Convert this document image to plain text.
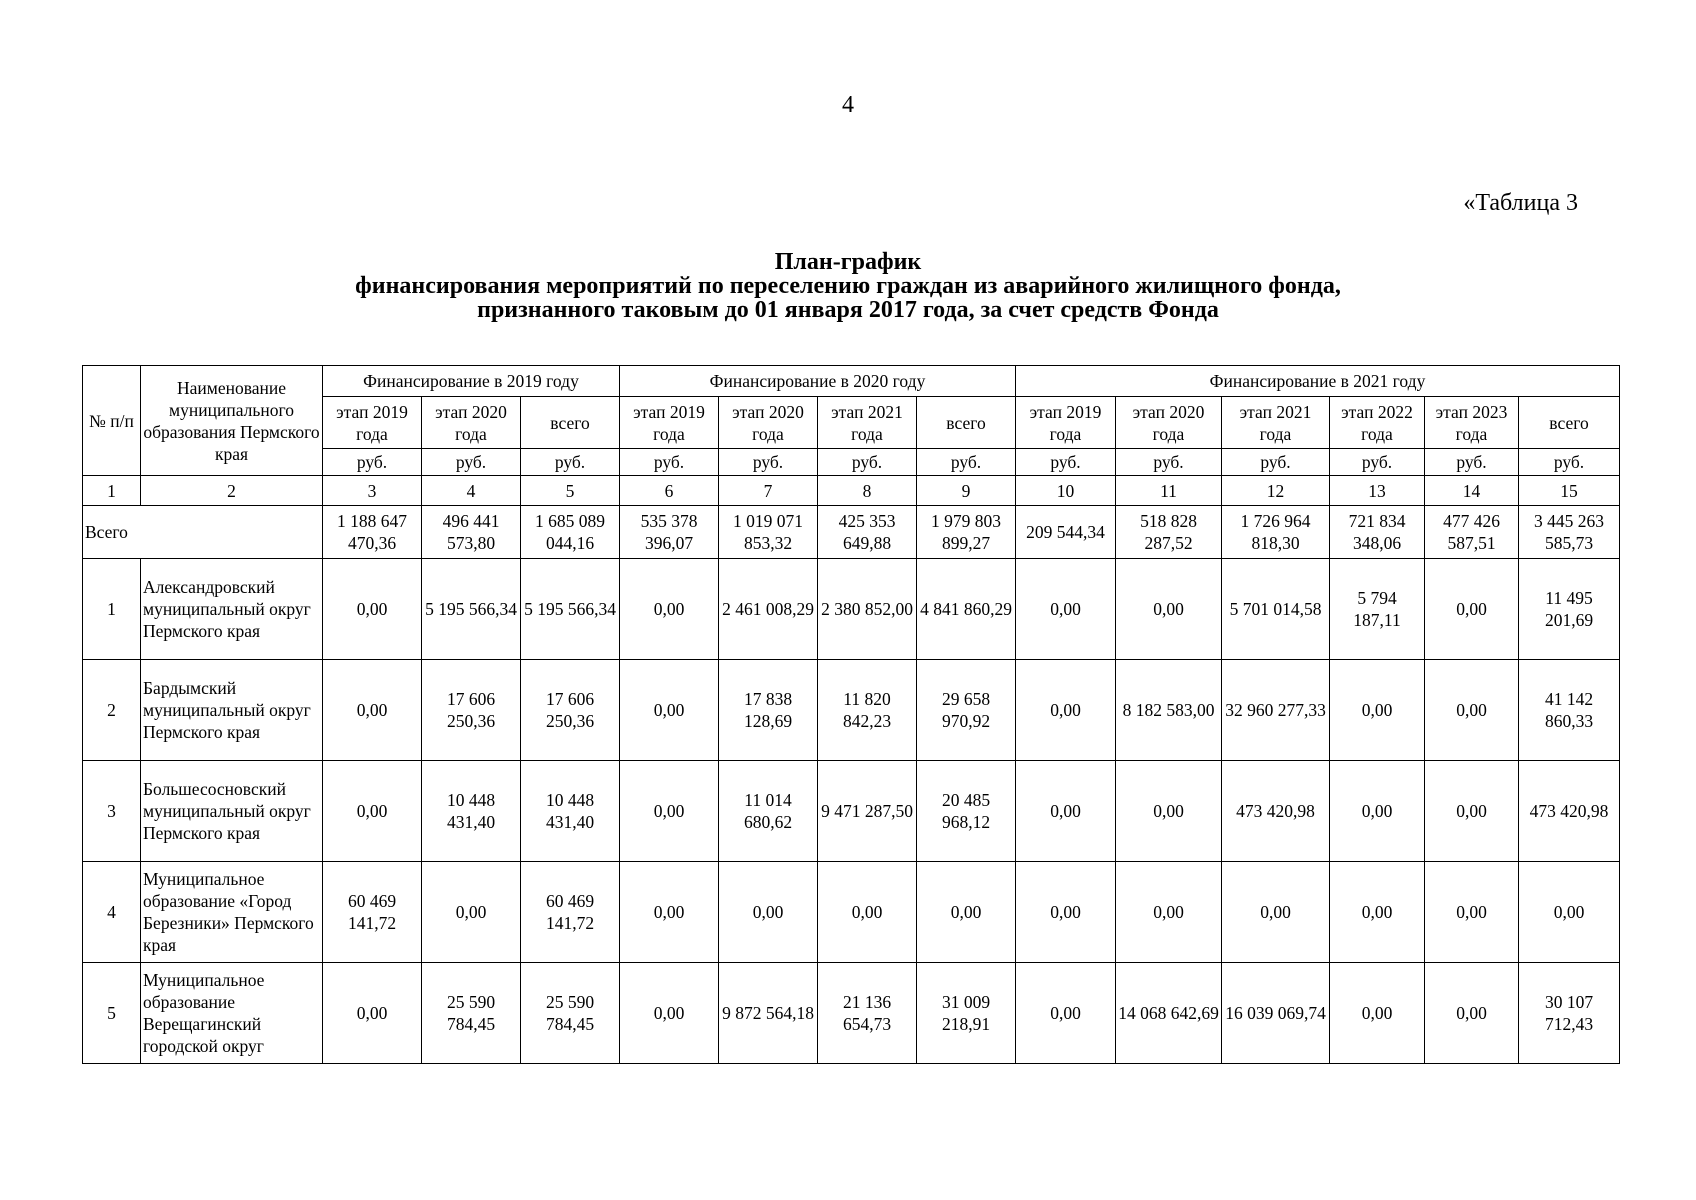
4
«Таблица 3
План-график
финансирования мероприятий по переселению граждан из аварийного жилищного фонда,
признанного таковым до 01 января 2017 года, за счет средств Фонда
№ п/п	Наименование муниципального образования Пермского края	Финансирование в 2019 году			Финансирование в 2020 году				Финансирование в 2021 году					
		этап 2019 года	этап 2020 года	всего	этап 2019 года	этап 2020 года	этап 2021 года	всего	этап 2019 года	этап 2020 года	этап 2021 года	этап 2022 года	этап 2023 года	всего
		руб.	руб.	руб.	руб.	руб.	руб.	руб.	руб.	руб.	руб.	руб.	руб.	руб.
1	2	3	4	5	6	7	8	9	10	11	12	13	14	15
Всего		1 188 647 470,36	496 441 573,80	1 685 089 044,16	535 378 396,07	1 019 071 853,32	425 353 649,88	1 979 803 899,27	209 544,34	518 828 287,52	1 726 964 818,30	721 834 348,06	477 426 587,51	3 445 263 585,73
1	Александровский муниципальный округ Пермского края	0,00	5 195 566,34	5 195 566,34	0,00	2 461 008,29	2 380 852,00	4 841 860,29	0,00	0,00	5 701 014,58	5 794 187,11	0,00	11 495 201,69
2	Бардымский муниципальный округ Пермского края	0,00	17 606 250,36	17 606 250,36	0,00	17 838 128,69	11 820 842,23	29 658 970,92	0,00	8 182 583,00	32 960 277,33	0,00	0,00	41 142 860,33
3	Большесосновский муниципальный округ Пермского края	0,00	10 448 431,40	10 448 431,40	0,00	11 014 680,62	9 471 287,50	20 485 968,12	0,00	0,00	473 420,98	0,00	0,00	473 420,98
4	Муниципальное образование «Город Березники» Пермского края	60 469 141,72	0,00	60 469 141,72	0,00	0,00	0,00	0,00	0,00	0,00	0,00	0,00	0,00	0,00
5	Муниципальное образование Верещагинский городской округ	0,00	25 590 784,45	25 590 784,45	0,00	9 872 564,18	21 136 654,73	31 009 218,91	0,00	14 068 642,69	16 039 069,74	0,00	0,00	30 107 712,43
